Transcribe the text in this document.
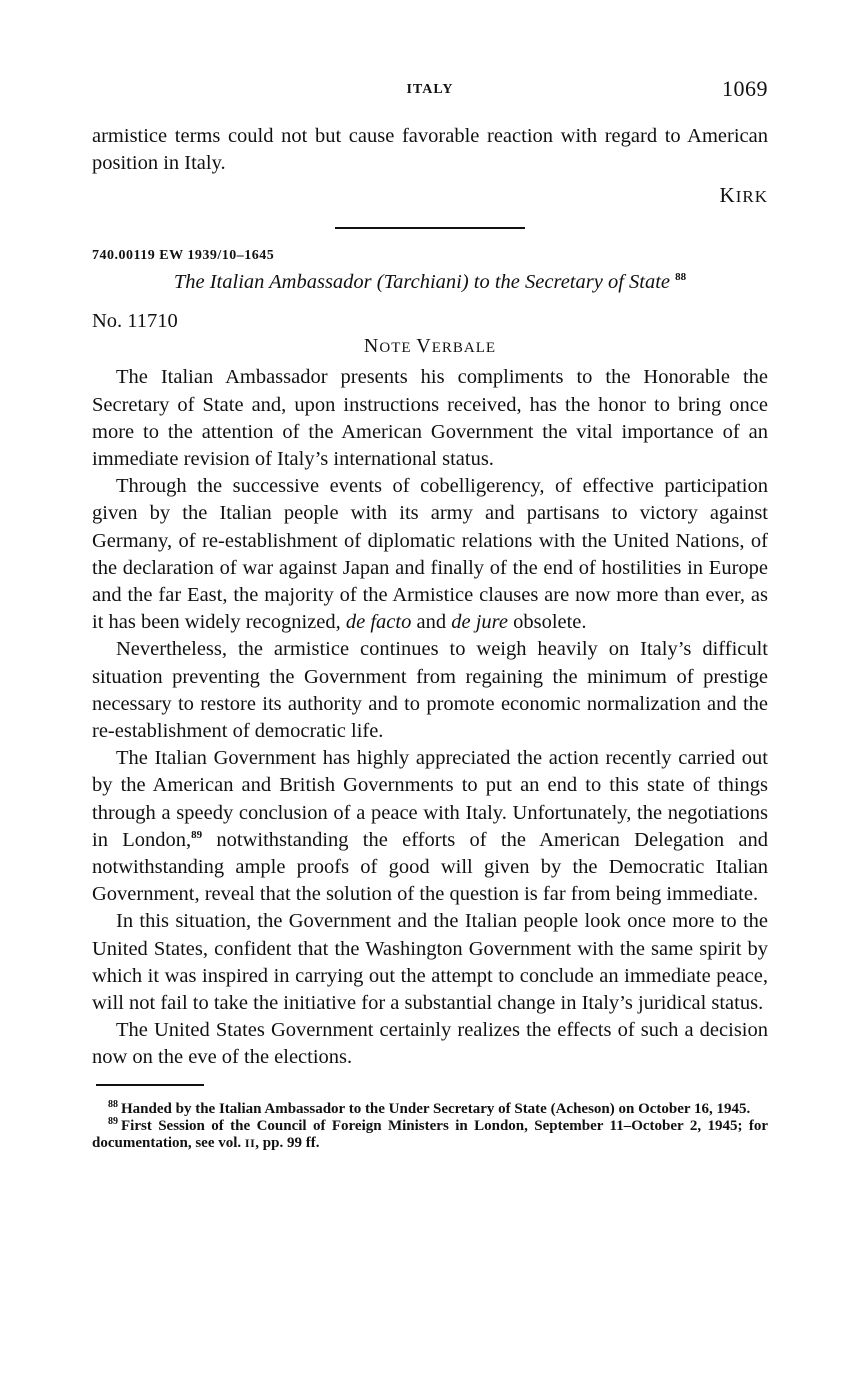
ITALY	1069

armistice terms could not but cause favorable reaction with regard to American position in Italy.

KIRK
740.00119 EW 1939/10–1645
The Italian Ambassador (Tarchiani) to the Secretary of State $^{88}$
No. 11710
NOTE VERBALE

The Italian Ambassador presents his compliments to the Honorable the Secretary of State and, upon instructions received, has the honor to bring once more to the attention of the American Government the vital importance of an immediate revision of Italy’s international status.

Through the successive events of cobelligerency, of effective participation given by the Italian people with its army and partisans to victory against Germany, of re-establishment of diplomatic relations with the United Nations, of the declaration of war against Japan and finally of the end of hostilities in Europe and the far East, the majority of the Armistice clauses are now more than ever, as it has been widely recognized, de facto and de jure obsolete.

Nevertheless, the armistice continues to weigh heavily on Italy’s difficult situation preventing the Government from regaining the minimum of prestige necessary to restore its authority and to promote economic normalization and the re-establishment of democratic life.

The Italian Government has highly appreciated the action recently carried out by the American and British Governments to put an end to this state of things through a speedy conclusion of a peace with Italy. Unfortunately, the negotiations in London,$^{89}$ notwithstanding the efforts of the American Delegation and notwithstanding ample proofs of good will given by the Democratic Italian Government, reveal that the solution of the question is far from being immediate.

In this situation, the Government and the Italian people look once more to the United States, confident that the Washington Government with the same spirit by which it was inspired in carrying out the attempt to conclude an immediate peace, will not fail to take the initiative for a substantial change in Italy’s juridical status.

The United States Government certainly realizes the effects of such a decision now on the eve of the elections.

$^{88}$ Handed by the Italian Ambassador to the Under Secretary of State (Acheson) on October 16, 1945.

$^{89}$ First Session of the Council of Foreign Ministers in London, September 11–October 2, 1945; for documentation, see vol. II, pp. 99 ff.
